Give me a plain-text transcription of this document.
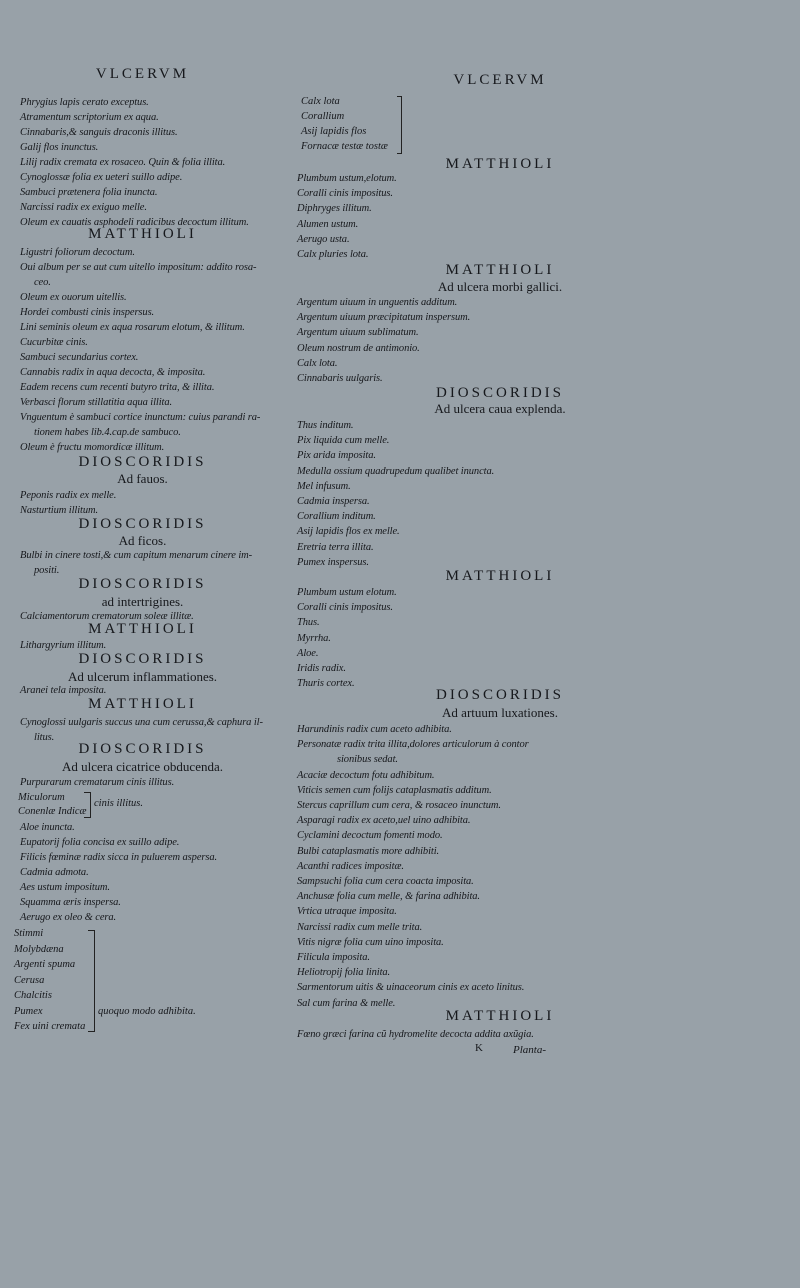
VLCERVM
Phrygius lapis cerato exceptus.
Atramentum scriptorium ex aqua.
Cinnabaris,& sanguis draconis illitus.
Galij flos inunctus.
Lilij radix cremata ex rosaceo. Quin & folia illita.
Cynoglossæ folia ex ueteri suillo adipe.
Sambuci prætenera folia inuncta.
Narcissi radix ex exiguo melle.
Oleum ex cauatis asphodeli radicibus decoctum illitum.
MATTHIOLI
Ligustri foliorum decoctum.
Oui album per se aut cum uitello impositum: addito rosa-
ceo.
Oleum ex ouorum uitellis.
Hordei combusti cinis inspersus.
Lini seminis oleum ex aqua rosarum elotum, & illitum.
Cucurbitæ cinis.
Sambuci secundarius cortex.
Cannabis radix in aqua decocta, & imposita.
Eadem recens cum recenti butyro trita, & illita.
Verbasci florum stillatitia aqua illita.
Vnguentum è sambuci cortice inunctum: cuius parandi ra-
tionem habes lib.4.cap.de sambuco.
Oleum è fructu momordicæ illitum.
DIOSCORIDIS
Ad fauos.
Peponis radix ex melle.
Nasturtium illitum.
DIOSCORIDIS
Ad ficos.
Bulbi in cinere tosti,& cum capitum menarum cinere im-
positi.
DIOSCORIDIS
ad intertrigines.
Calciamentorum crematorum soleæ illitæ.
MATTHIOLI
Lithargyrium illitum.
DIOSCORIDIS
Ad ulcerum inflammationes.
Aranei tela imposita.
MATTHIOLI
Cynoglossi uulgaris succus una cum cerussa,& caphura il-
litus.
DIOSCORIDIS
Ad ulcera cicatrice obducenda.
Purpurarum crematarum cinis illitus.
Aloe inuncta.
Eupatorij folia concisa ex suillo adipe.
Filicis fœminæ radix sicca in puluerem aspersa.
Cadmia admota.
Aes ustum impositum.
Squamma æris inspersa.
Aerugo ex oleo & cera.
Miculorum
Conenlæ Indicæ
cinis illitus.
Stimmi
Molybdæna
Argenti spuma
Cerusa
Chalcitis
Pumex
Fex uini cremata
quoquo modo adhibita.
Calx lota
Corallium
Asij lapidis flos
Fornacæ testæ tostæ
VLCERVM
MATTHIOLI
Plumbum ustum,elotum.
Coralli cinis impositus.
Diphryges illitum.
Alumen ustum.
Aerugo usta.
Calx pluries lota.
MATTHIOLI
Ad ulcera morbi gallici.
Argentum uiuum in unguentis additum.
Argentum uiuum præcipitatum inspersum.
Argentum uiuum sublimatum.
Oleum nostrum de antimonio.
Calx lota.
Cinnabaris uulgaris.
DIOSCORIDIS
Ad ulcera caua explenda.
Thus inditum.
Pix liquida cum melle.
Pix arida imposita.
Medulla ossium quadrupedum qualibet inuncta.
Mel infusum.
Cadmia inspersa.
Corallium inditum.
Asij lapidis flos ex melle.
Eretria terra illita.
Pumex inspersus.
MATTHIOLI
Plumbum ustum elotum.
Coralli cinis impositus.
Thus.
Myrrha.
Aloe.
Iridis radix.
Thuris cortex.
DIOSCORIDIS
Ad artuum luxationes.
Harundinis radix cum aceto adhibita.
Personatæ radix trita illita,dolores articulorum à contor
sionibus sedat.
Acaciæ decoctum fotu adhibitum.
Viticis semen cum folijs cataplasmatis additum.
Stercus caprillum cum cera, & rosaceo inunctum.
Asparagi radix ex aceto,uel uino adhibita.
Cyclamini decoctum fomenti modo.
Bulbi cataplasmatis more adhibiti.
Acanthi radices impositæ.
Sampsuchi folia cum cera coacta imposita.
Anchusæ folia cum melle, & farina adhibita.
Vrtica utraque imposita.
Narcissi radix cum melle trita.
Vitis nigræ folia cum uino imposita.
Filicula imposita.
Heliotropij folia linita.
Sarmentorum uitis & uinaceorum cinis ex aceto linitus.
Sal cum farina & melle.
MATTHIOLI
Fœno græci farina cũ hydromelite decocta addita axũgia.
K	Planta-
